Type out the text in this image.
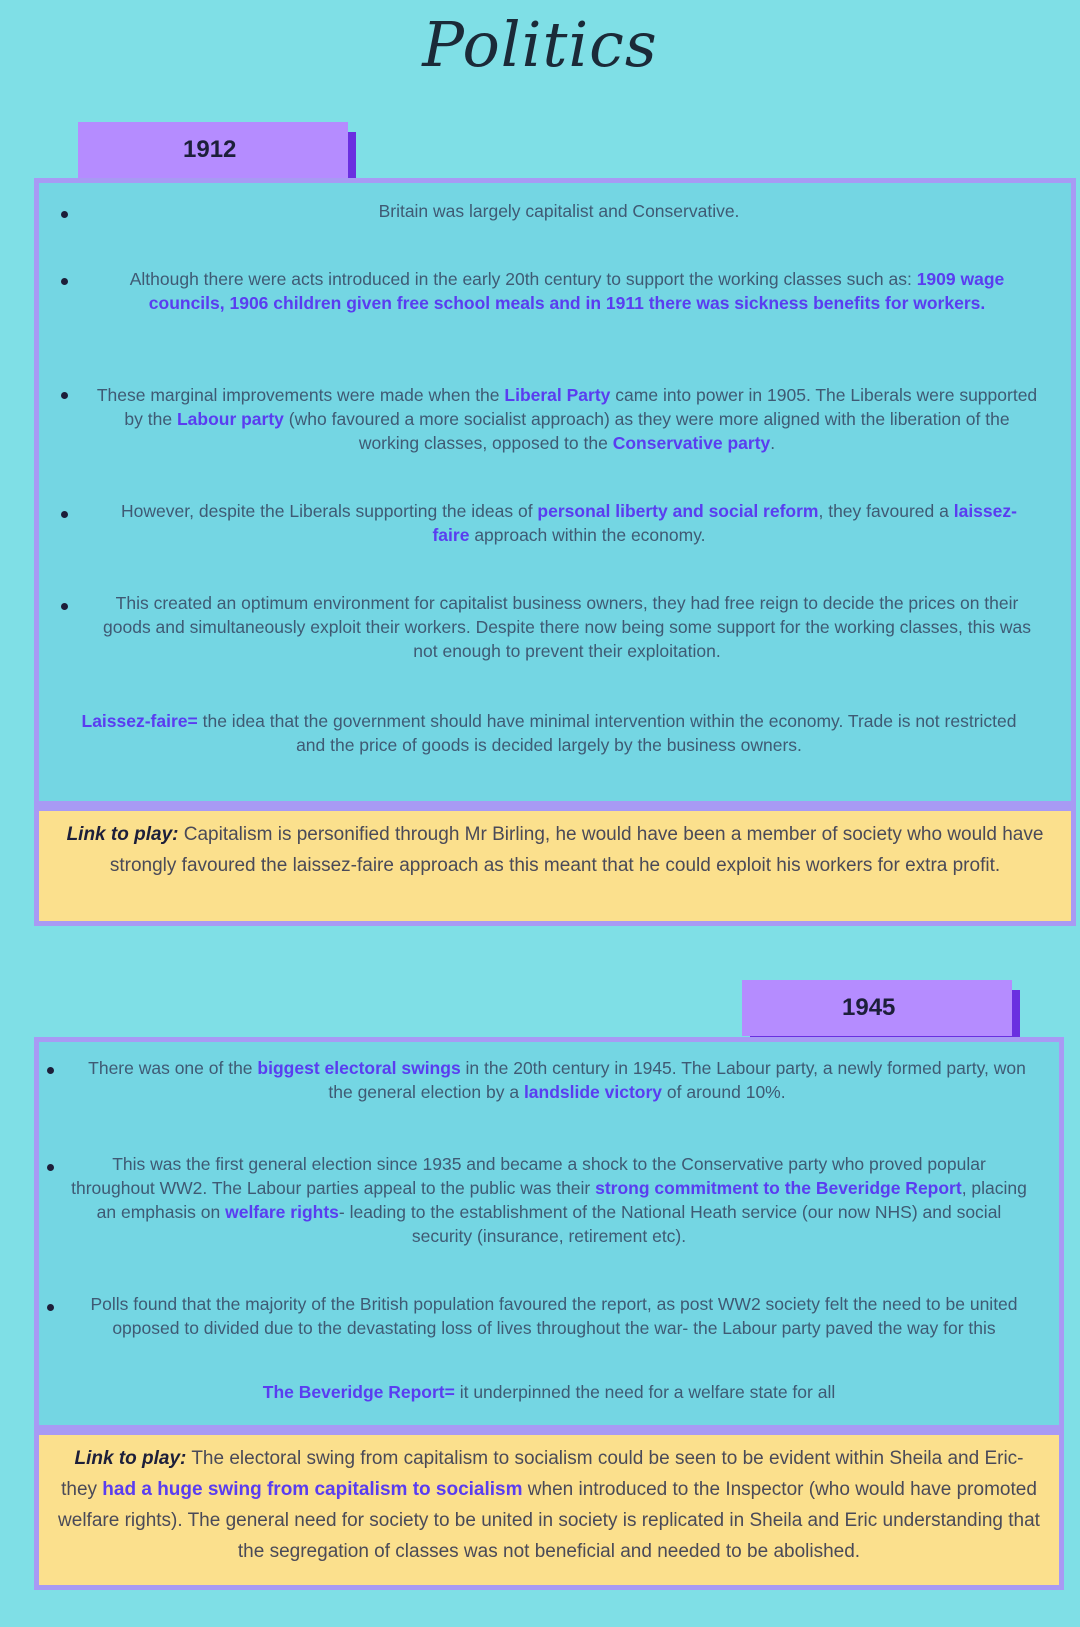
Politics
1912
Britain was largely capitalist and Conservative.
Although there were acts introduced in the early 20th century to support the working classes such as: 1909 wage councils, 1906 children given free school meals and in 1911 there was sickness benefits for workers.
These marginal improvements were made when the Liberal Party came into power in 1905. The Liberals were supported by the Labour party (who favoured a more socialist approach) as they were more aligned with the liberation of the working classes, opposed to the Conservative party.
However, despite the Liberals supporting the ideas of personal liberty and social reform, they favoured a laissez- faire approach within the economy.
This created an optimum environment for capitalist business owners, they had free reign to decide the prices on their goods and simultaneously exploit their workers. Despite there now being some support for the working classes, this was not enough to prevent their exploitation.
Laissez-faire= the idea that the government should have minimal intervention within the economy. Trade is not restricted and the price of goods is decided largely by the business owners.
Link to play: Capitalism is personified through Mr Birling, he would have been a member of society who would have strongly favoured the laissez-faire approach as this meant that he could exploit his workers for extra profit.
1945
There was one of the biggest electoral swings in the 20th century in 1945. The Labour party, a newly formed party, won the general election by a landslide victory of around 10%.
This was the first general election since 1935 and became a shock to the Conservative party who proved popular throughout WW2. The Labour parties appeal to the public was their strong commitment to the Beveridge Report, placing an emphasis on welfare rights- leading to the establishment of the National Heath service (our now NHS) and social security (insurance, retirement etc).
Polls found that the majority of the British population favoured the report, as post WW2 society felt the need to be united opposed to divided due to the devastating loss of lives throughout the war- the Labour party paved the way for this
The Beveridge Report= it underpinned the need for a welfare state for all
Link to play: The electoral swing from capitalism to socialism could be seen to be evident within Sheila and Eric- they had a huge swing from capitalism to socialism when introduced to the Inspector (who would have promoted welfare rights). The general need for society to be united in society is replicated in Sheila and Eric understanding that the segregation of classes was not beneficial and needed to be abolished.
